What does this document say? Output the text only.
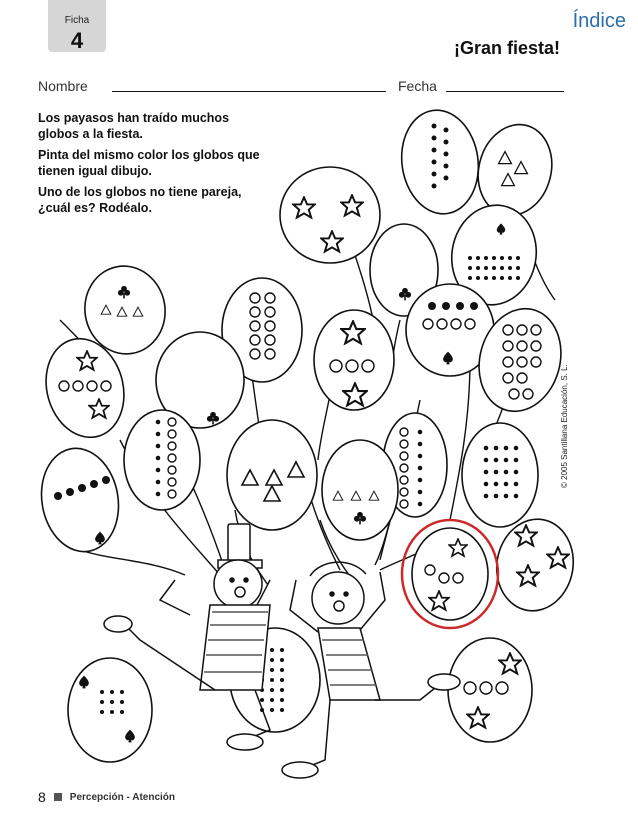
Ficha
4
Índice
¡Gran fiesta!
Nombre	Fecha

Los payasos han traído muchos globos a la fiesta.

Pinta del mismo color los globos que tienen igual dibujo.

Uno de los globos no tiene pareja, ¿cuál es? Rodéalo.

© 2005 Santillana Educación, S. L.
8 Percepción - Atención
